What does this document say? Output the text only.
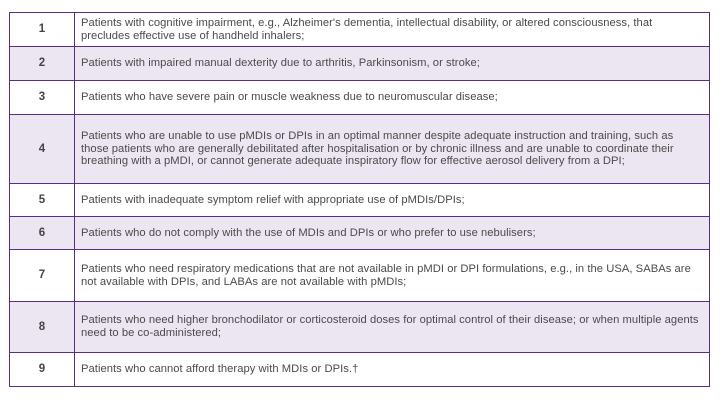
1	Patients with cognitive impairment, e.g., Alzheimer's dementia, intellectual disability, or altered consciousness, that precludes effective use of handheld inhalers;
2	Patients with impaired manual dexterity due to arthritis, Parkinsonism, or stroke;
3	Patients who have severe pain or muscle weakness due to neuromuscular disease;
4	Patients who are unable to use pMDIs or DPIs in an optimal manner despite adequate instruction and training, such as those patients who are generally debilitated after hospitalisation or by chronic illness and are unable to coordinate their breathing with a pMDI, or cannot generate adequate inspiratory flow for effective aerosol delivery from a DPI;
5	Patients with inadequate symptom relief with appropriate use of pMDIs/DPIs;
6	Patients who do not comply with the use of MDIs and DPIs or who prefer to use nebulisers;
7	Patients who need respiratory medications that are not available in pMDI or DPI formulations, e.g., in the USA, SABAs are not available with DPIs, and LABAs are not available with pMDIs;
8	Patients who need higher bronchodilator or corticosteroid doses for optimal control of their disease; or when multiple agents need to be co-administered;
9	Patients who cannot afford therapy with MDIs or DPIs.†
